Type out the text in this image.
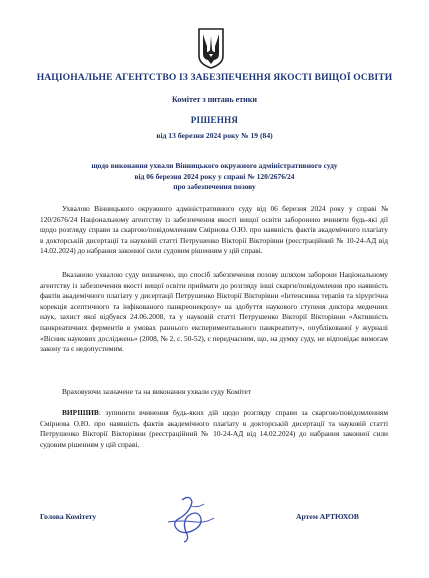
НАЦІОНАЛЬНЕ АГЕНТСТВО ІЗ ЗАБЕЗПЕЧЕННЯ ЯКОСТІ ВИЩОЇ ОСВІТИ
Комітет з питань етики
РІШЕННЯ
від 13 березня 2024 року № 19 (84)
щодо виконання ухвали Вінницького окружного адміністративного суду
від 06 березня 2024 року у справі № 120/2676/24
про забезпечення позову

Ухвалою Вінницького окружного адміністративного суду від 06 березня 2024 року у справі № 120/2676/24 Національному агентству із забезпечення якості вищої освіти заборонено вчиняти будь-які дії щодо розгляду справи за скаргою/повідомленням Смірнова О.Ю. про наявність фактів академічного плагіату в докторській дисертації та науковій статті Петрушенко Вікторії Вікторівни (реєстраційний № 10-24-АД від 14.02.2024) до набрання законної сили судовим рішенням у цій справі.

Вказаною ухвалою суду визначено, що спосіб забезпечення позову шляхом заборони Національному агентству із забезпечення якості вищої освіти приймати до розгляду інші скарги/повідомлення про наявність фактів академічного плагіату у дисертації Петрушенко Вікторії Вікторівни «Інтенсивна терапія та хірургічна корекція асептичного та інфікованого панкреонекрозу» на здобуття наукового ступеня доктора медичних наук, захист якої відбувся 24.06.2008, та у науковій статті Петрушенко Вікторії Вікторівни «Активність панкреатичних ферментів в умовах раннього експериментального панкреатиту», опублікованої у журналі «Вісник наукових досліджень» (2008, № 2, с. 50-52), є передчасним, що, на думку суду, не відповідає вимогам закону та є недопустимим.

Враховуючи зазначене та на виконання ухвали суду Комітет

ВИРІШИВ: зупинити вчинення будь-яких дій щодо розгляду справи за скаргою/повідомленням Смірнова О.Ю. про наявність фактів академічного плагіату в докторській дисертації та науковій статті Петрушенко Вікторії Вікторівни (реєстраційний № 10-24-АД від 14.02.2024) до набрання законної сили судовим рішенням у цій справі.

Голова Комітету	Артем АРТЮХОВ
